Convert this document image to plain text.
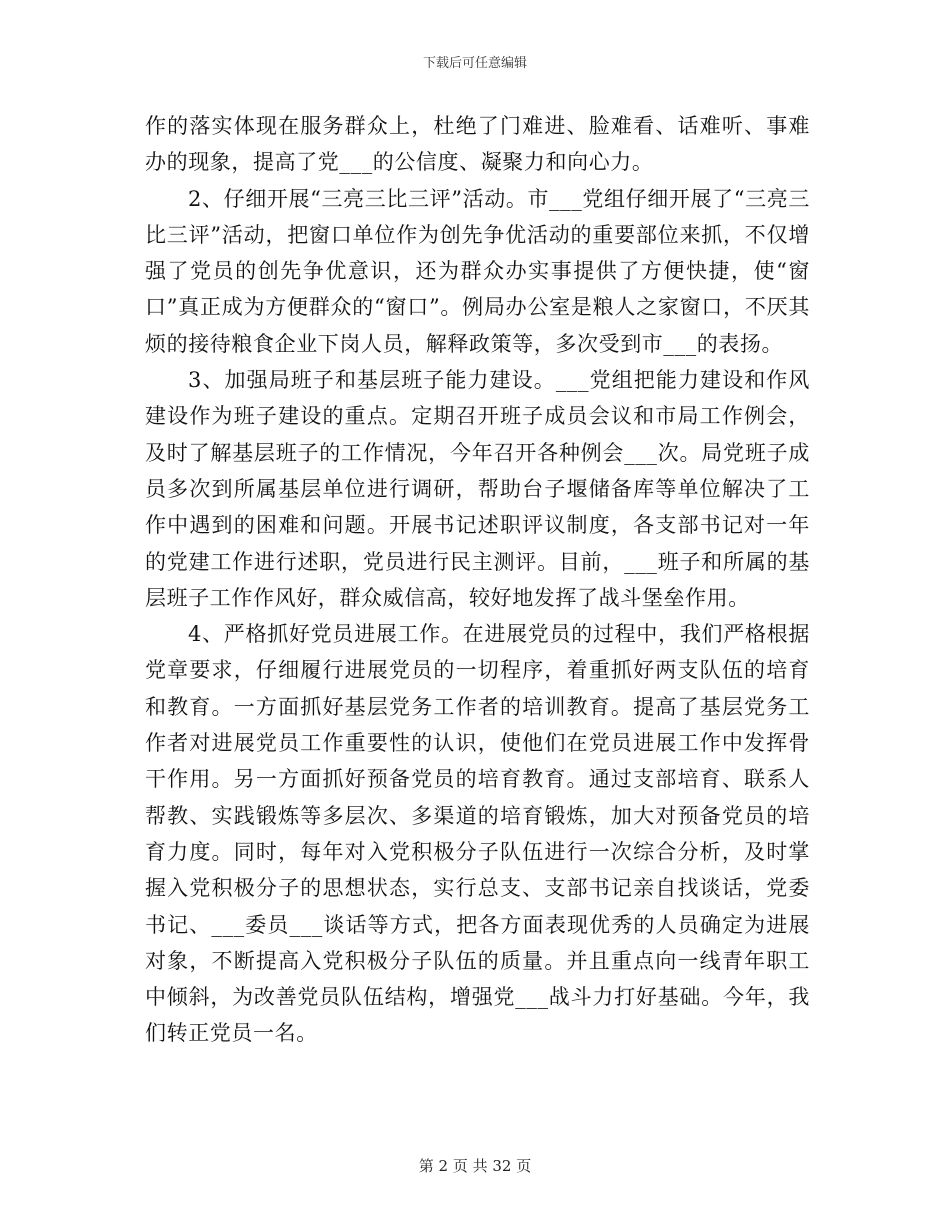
下载后可任意编辑

作的落实体现在服务群众上，杜绝了门难进、脸难看、话难听、事难办的现象，提高了党___的公信度、凝聚力和向心力。

2、仔细开展“三亮三比三评”活动。市___党组仔细开展了“三亮三比三评”活动，把窗口单位作为创先争优活动的重要部位来抓，不仅增强了党员的创先争优意识，还为群众办实事提供了方便快捷，使“窗口”真正成为方便群众的“窗口”。例局办公室是粮人之家窗口，不厌其烦的接待粮食企业下岗人员，解释政策等，多次受到市___的表扬。

3、加强局班子和基层班子能力建设。___党组把能力建设和作风建设作为班子建设的重点。定期召开班子成员会议和市局工作例会，及时了解基层班子的工作情况，今年召开各种例会___次。局党班子成员多次到所属基层单位进行调研，帮助台子堰储备库等单位解决了工作中遇到的困难和问题。开展书记述职评议制度，各支部书记对一年的党建工作进行述职，党员进行民主测评。目前，___班子和所属的基层班子工作作风好，群众威信高，较好地发挥了战斗堡垒作用。

4、严格抓好党员进展工作。在进展党员的过程中，我们严格根据党章要求，仔细履行进展党员的一切程序，着重抓好两支队伍的培育和教育。一方面抓好基层党务工作者的培训教育。提高了基层党务工作者对进展党员工作重要性的认识，使他们在党员进展工作中发挥骨干作用。另一方面抓好预备党员的培育教育。通过支部培育、联系人帮教、实践锻炼等多层次、多渠道的培育锻炼，加大对预备党员的培育力度。同时，每年对入党积极分子队伍进行一次综合分析，及时掌握入党积极分子的思想状态，实行总支、支部书记亲自找谈话，党委书记、___委员___谈话等方式，把各方面表现优秀的人员确定为进展对象，不断提高入党积极分子队伍的质量。并且重点向一线青年职工中倾斜，为改善党员队伍结构，增强党___战斗力打好基础。今年，我们转正党员一名。

第 2 页 共 32 页
